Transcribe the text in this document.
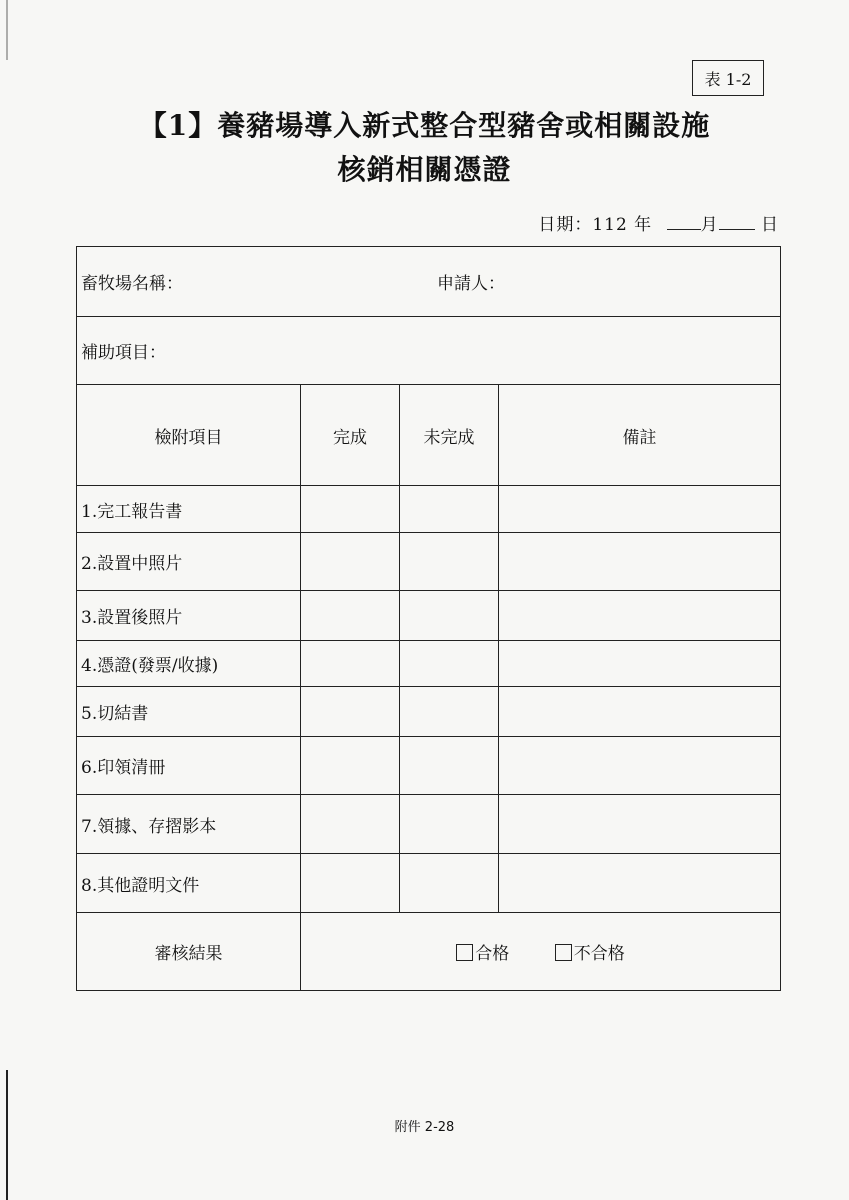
表 1-2
【1】養豬場導入新式整合型豬舍或相關設施
核銷相關憑證
日期：112 年	月 日
畜牧場名稱： 申請人：			

補助項目：			
檢附項目	完成	未完成	備註
1.完工報告書			
2.設置中照片			
3.設置後照片			
4.憑證(發票/收據)			
5.切結書			
6.印領清冊			
7.領據、存摺影本			
8.其他證明文件			
審核結果	合格 不合格		
附件 2-28
